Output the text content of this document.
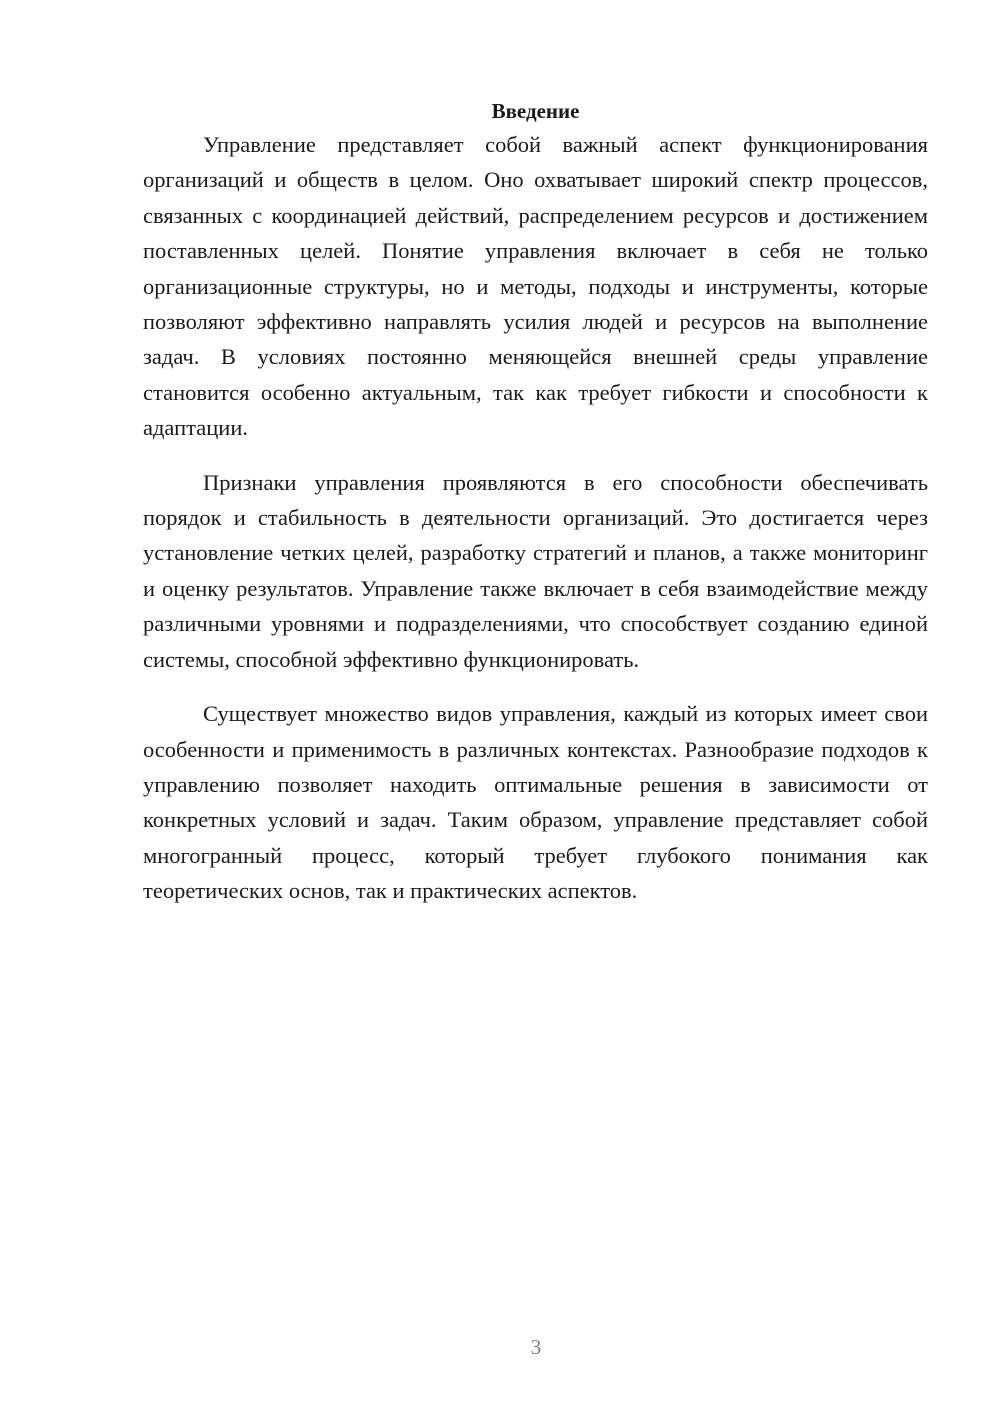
Введение

Управление представляет собой важный аспект функционирования организаций и обществ в целом. Оно охватывает широкий спектр процессов, связанных с координацией действий, распределением ресурсов и достижением поставленных целей. Понятие управления включает в себя не только организационные структуры, но и методы, подходы и инструменты, которые позволяют эффективно направлять усилия людей и ресурсов на выполнение задач. В условиях постоянно меняющейся внешней среды управление становится особенно актуальным, так как требует гибкости и способности к адаптации.

Признаки управления проявляются в его способности обеспечивать порядок и стабильность в деятельности организаций. Это достигается через установление четких целей, разработку стратегий и планов, а также мониторинг и оценку результатов. Управление также включает в себя взаимодействие между различными уровнями и подразделениями, что способствует созданию единой системы, способной эффективно функционировать.

Существует множество видов управления, каждый из которых имеет свои особенности и применимость в различных контекстах. Разнообразие подходов к управлению позволяет находить оптимальные решения в зависимости от конкретных условий и задач. Таким образом, управление представляет собой многогранный процесс, который требует глубокого понимания как теоретических основ, так и практических аспектов.

3
